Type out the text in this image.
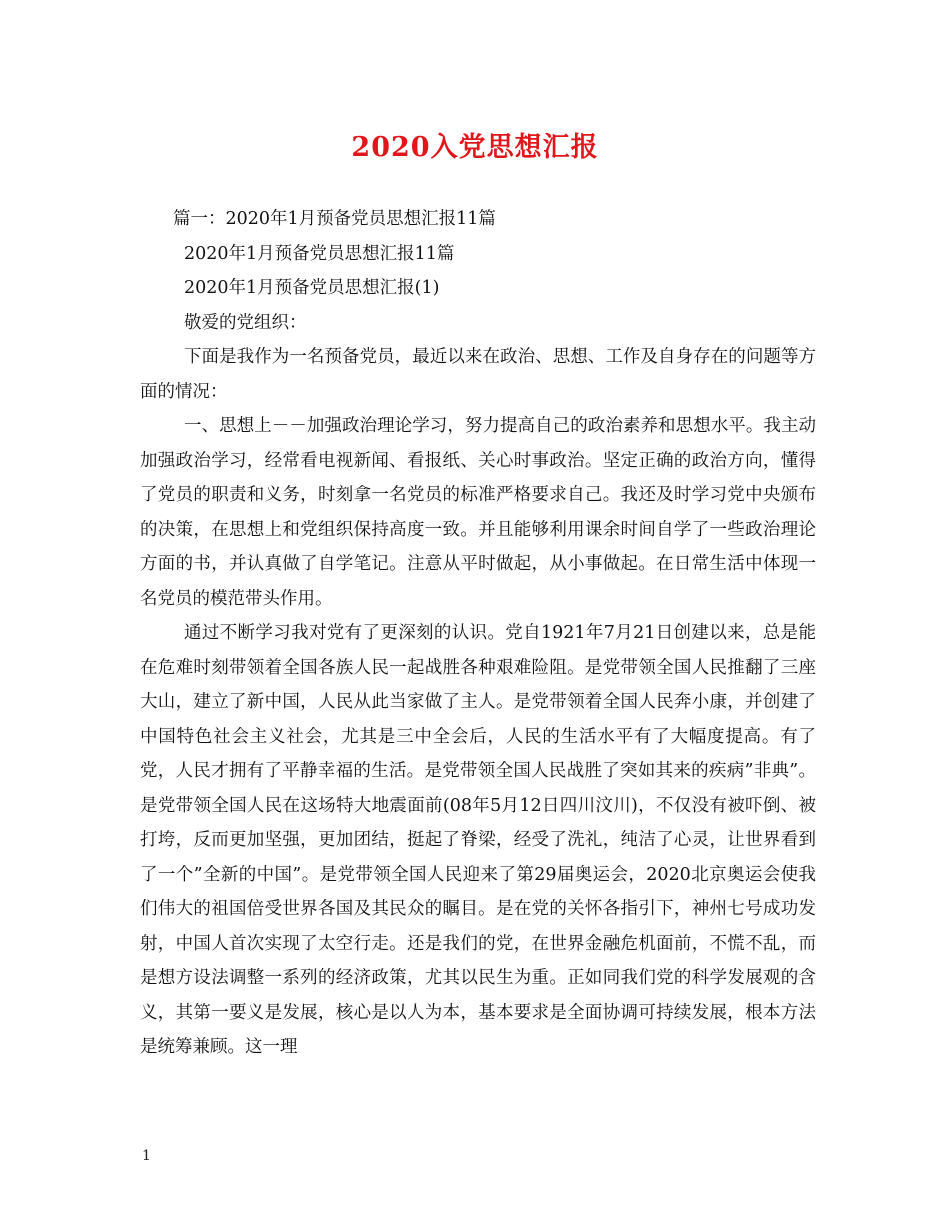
2020入党思想汇报

篇一：2020年1月预备党员思想汇报11篇

2020年1月预备党员思想汇报11篇

2020年1月预备党员思想汇报(1)

敬爱的党组织：

下面是我作为一名预备党员，最近以来在政治、思想、工作及自身存在的问题等方面的情况：

一、思想上－－加强政治理论学习，努力提高自己的政治素养和思想水平。我主动加强政治学习，经常看电视新闻、看报纸、关心时事政治。坚定正确的政治方向，懂得了党员的职责和义务，时刻拿一名党员的标准严格要求自己。我还及时学习党中央颁布的决策，在思想上和党组织保持高度一致。并且能够利用课余时间自学了一些政治理论方面的书，并认真做了自学笔记。注意从平时做起，从小事做起。在日常生活中体现一名党员的模范带头作用。

通过不断学习我对党有了更深刻的认识。党自1921年7月21日创建以来，总是能在危难时刻带领着全国各族人民一起战胜各种艰难险阻。是党带领全国人民推翻了三座大山，建立了新中国，人民从此当家做了主人。是党带领着全国人民奔小康，并创建了中国特色社会主义社会，尤其是三中全会后，人民的生活水平有了大幅度提高。有了党，人民才拥有了平静幸福的生活。是党带领全国人民战胜了突如其来的疾病”非典”。是党带领全国人民在这场特大地震面前(08年5月12日四川汶川)，不仅没有被吓倒、被打垮，反而更加坚强，更加团结，挺起了脊梁，经受了洗礼，纯洁了心灵，让世界看到了一个”全新的中国”。是党带领全国人民迎来了第29届奥运会，2020北京奥运会使我们伟大的祖国倍受世界各国及其民众的瞩目。是在党的关怀各指引下，神州七号成功发射，中国人首次实现了太空行走。还是我们的党，在世界金融危机面前，不慌不乱，而是想方设法调整一系列的经济政策，尤其以民生为重。正如同我们党的科学发展观的含义，其第一要义是发展，核心是以人为本，基本要求是全面协调可持续发展，根本方法是统筹兼顾。这一理

1
